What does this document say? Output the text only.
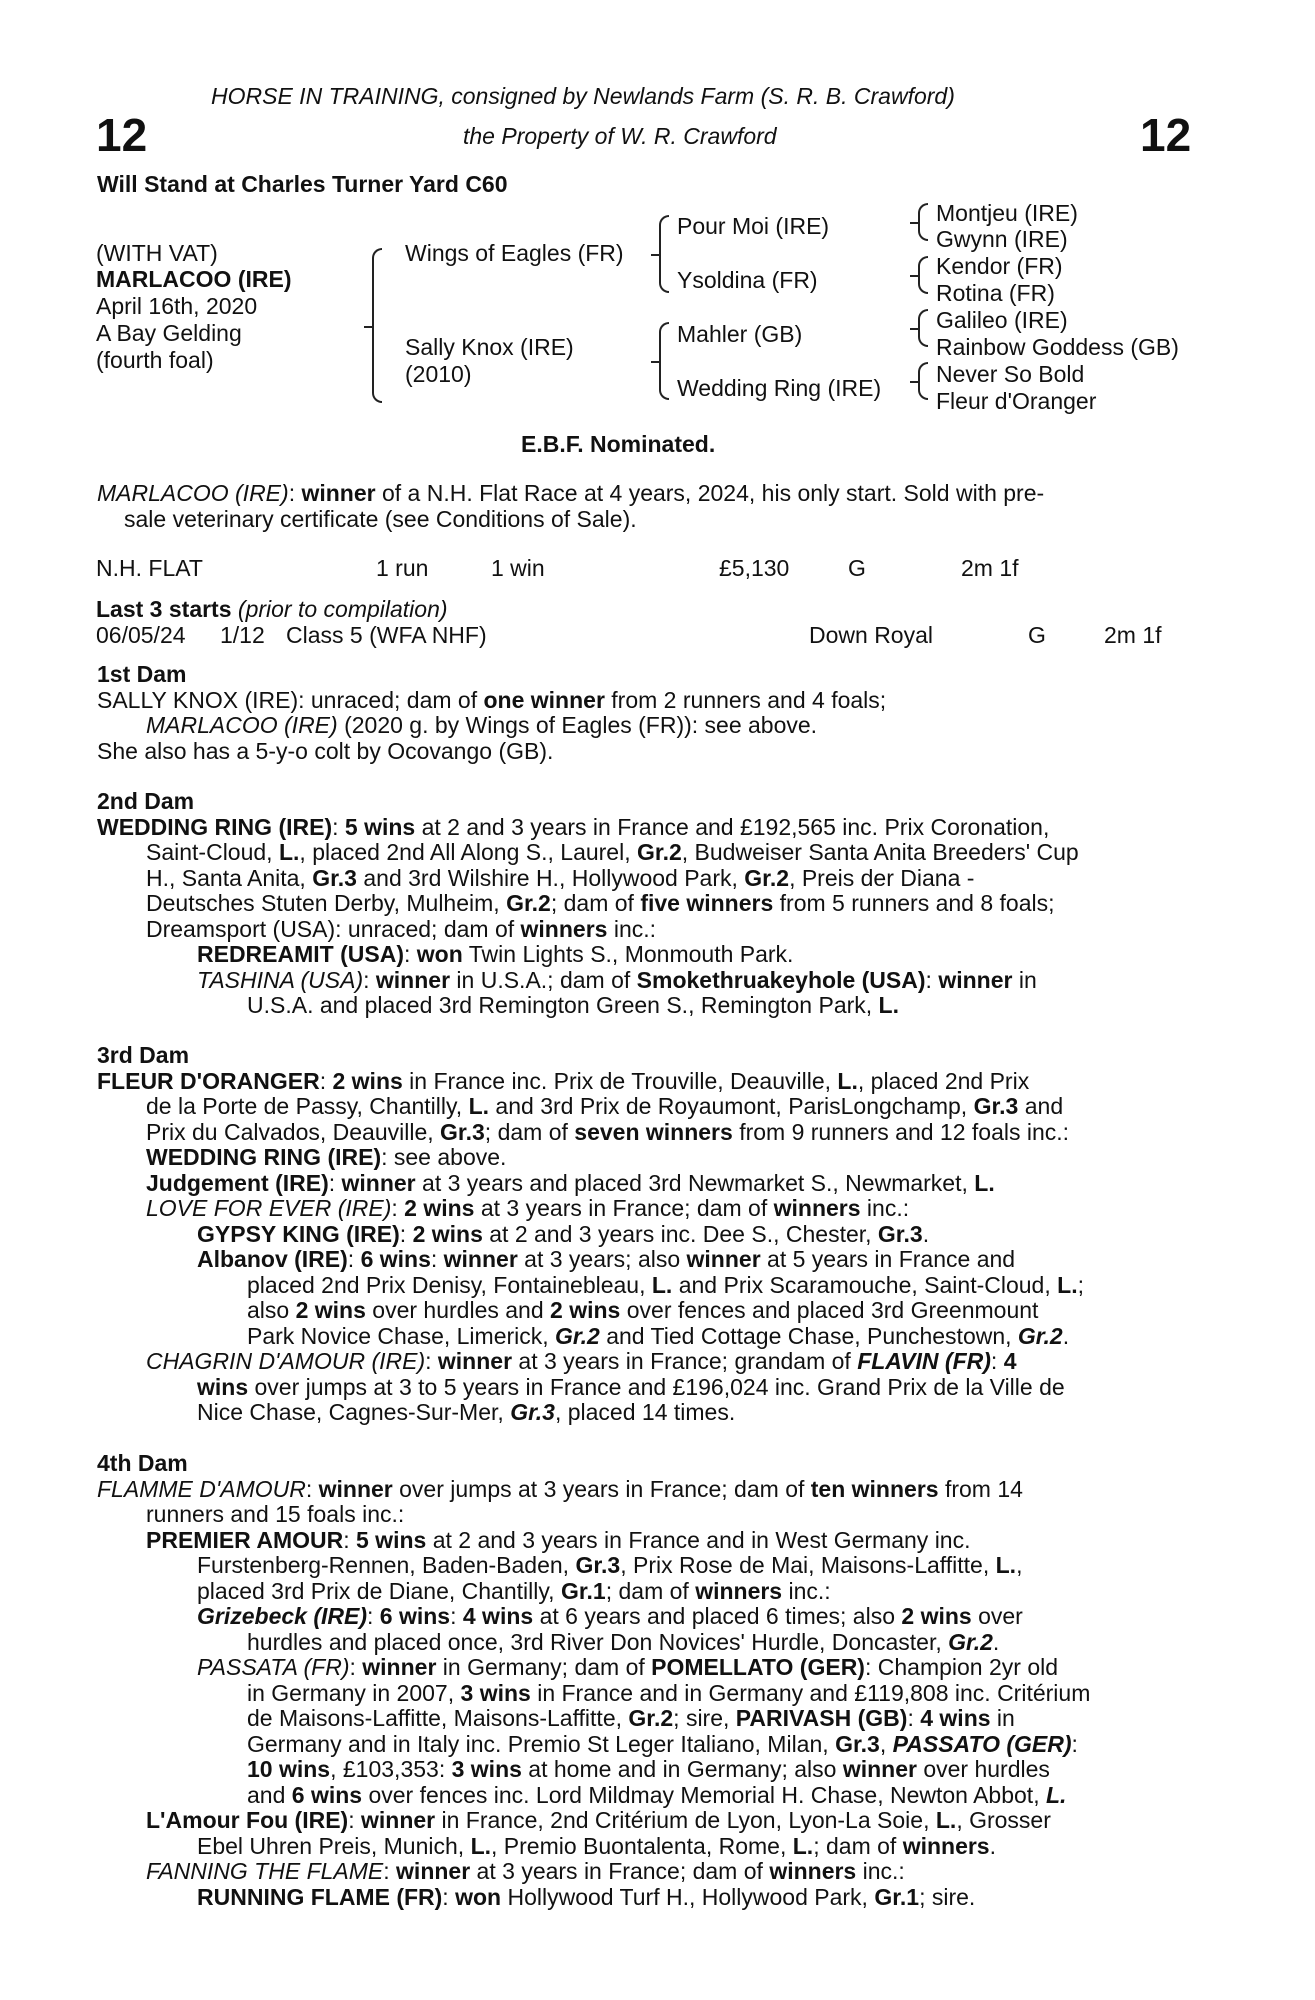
12	12
HORSE IN TRAINING, consigned by Newlands Farm (S. R. B. Crawford)
the Property of W. R. Crawford
Will Stand at Charles Turner Yard C60
(WITH VAT)
MARLACOO (IRE)
April 16th, 2020
A Bay Gelding
(fourth foal)
Wings of Eagles (FR)
Sally Knox (IRE)
(2010)
Pour Moi (IRE)
Ysoldina (FR)
Mahler (GB)
Wedding Ring (IRE)
Montjeu (IRE)
Gwynn (IRE)
Kendor (FR)
Rotina (FR)
Galileo (IRE)
Rainbow Goddess (GB)
Never So Bold
Fleur d'Oranger
E.B.F. Nominated.
MARLACOO (IRE): winner of a N.H. Flat Race at 4 years, 2024, his only start. Sold with pre-
sale veterinary certificate (see Conditions of Sale).
N.H. FLAT	1 run	1 win	£5,130	G	2m 1f
Last 3 starts (prior to compilation)
06/05/24 1/12 Class 5 (WFA NHF)	Down Royal	G	2m 1f
1st Dam
SALLY KNOX (IRE): unraced; dam of one winner from 2 runners and 4 foals;
MARLACOO (IRE) (2020 g. by Wings of Eagles (FR)): see above.
She also has a 5-y-o colt by Ocovango (GB).
2nd Dam
WEDDING RING (IRE): 5 wins at 2 and 3 years in France and £192,565 inc. Prix Coronation,
Saint-Cloud, L., placed 2nd All Along S., Laurel, Gr.2, Budweiser Santa Anita Breeders' Cup
H., Santa Anita, Gr.3 and 3rd Wilshire H., Hollywood Park, Gr.2, Preis der Diana -
Deutsches Stuten Derby, Mulheim, Gr.2; dam of five winners from 5 runners and 8 foals;
Dreamsport (USA): unraced; dam of winners inc.:
REDREAMIT (USA): won Twin Lights S., Monmouth Park.
TASHINA (USA): winner in U.S.A.; dam of Smokethruakeyhole (USA): winner in
U.S.A. and placed 3rd Remington Green S., Remington Park, L.
3rd Dam
FLEUR D'ORANGER: 2 wins in France inc. Prix de Trouville, Deauville, L., placed 2nd Prix
de la Porte de Passy, Chantilly, L. and 3rd Prix de Royaumont, ParisLongchamp, Gr.3 and
Prix du Calvados, Deauville, Gr.3; dam of seven winners from 9 runners and 12 foals inc.:
WEDDING RING (IRE): see above.
Judgement (IRE): winner at 3 years and placed 3rd Newmarket S., Newmarket, L.
LOVE FOR EVER (IRE): 2 wins at 3 years in France; dam of winners inc.:
GYPSY KING (IRE): 2 wins at 2 and 3 years inc. Dee S., Chester, Gr.3.
Albanov (IRE): 6 wins: winner at 3 years; also winner at 5 years in France and
placed 2nd Prix Denisy, Fontainebleau, L. and Prix Scaramouche, Saint-Cloud, L.;
also 2 wins over hurdles and 2 wins over fences and placed 3rd Greenmount
Park Novice Chase, Limerick, Gr.2 and Tied Cottage Chase, Punchestown, Gr.2.
CHAGRIN D'AMOUR (IRE): winner at 3 years in France; grandam of FLAVIN (FR): 4
wins over jumps at 3 to 5 years in France and £196,024 inc. Grand Prix de la Ville de
Nice Chase, Cagnes-Sur-Mer, Gr.3, placed 14 times.
4th Dam
FLAMME D'AMOUR: winner over jumps at 3 years in France; dam of ten winners from 14
runners and 15 foals inc.:
PREMIER AMOUR: 5 wins at 2 and 3 years in France and in West Germany inc.
Furstenberg-Rennen, Baden-Baden, Gr.3, Prix Rose de Mai, Maisons-Laffitte, L.,
placed 3rd Prix de Diane, Chantilly, Gr.1; dam of winners inc.:
Grizebeck (IRE): 6 wins: 4 wins at 6 years and placed 6 times; also 2 wins over
hurdles and placed once, 3rd River Don Novices' Hurdle, Doncaster, Gr.2.
PASSATA (FR): winner in Germany; dam of POMELLATO (GER): Champion 2yr old
in Germany in 2007, 3 wins in France and in Germany and £119,808 inc. Critérium
de Maisons-Laffitte, Maisons-Laffitte, Gr.2; sire, PARIVASH (GB): 4 wins in
Germany and in Italy inc. Premio St Leger Italiano, Milan, Gr.3, PASSATO (GER):
10 wins, £103,353: 3 wins at home and in Germany; also winner over hurdles
and 6 wins over fences inc. Lord Mildmay Memorial H. Chase, Newton Abbot, L.
L'Amour Fou (IRE): winner in France, 2nd Critérium de Lyon, Lyon-La Soie, L., Grosser
Ebel Uhren Preis, Munich, L., Premio Buontalenta, Rome, L.; dam of winners.
FANNING THE FLAME: winner at 3 years in France; dam of winners inc.:
RUNNING FLAME (FR): won Hollywood Turf H., Hollywood Park, Gr.1; sire.
